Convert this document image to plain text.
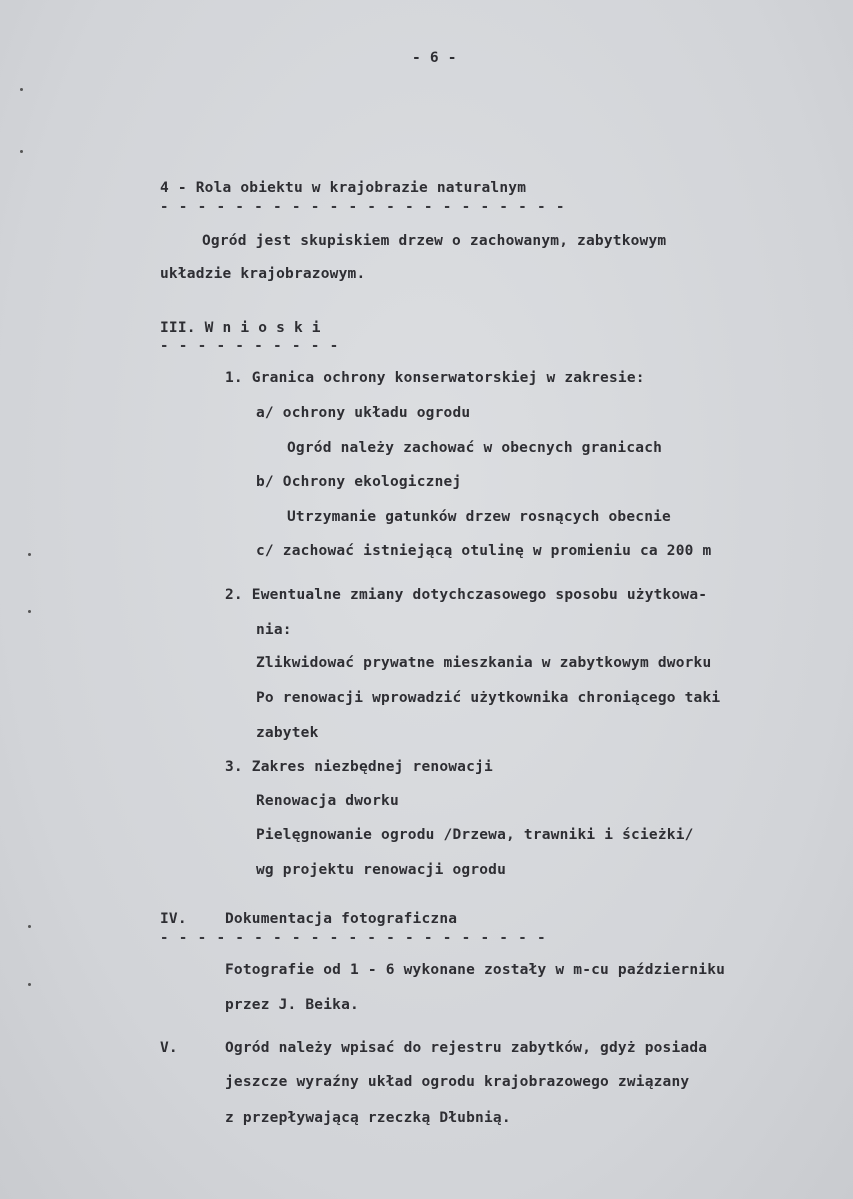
- 6 -
4 - Rola obiektu w krajobrazie naturalnym
- - - - - - - - - - - - - - - - - - - - - -
Ogród jest skupiskiem drzew o zachowanym, zabytkowym
układzie krajobrazowym.
III. W n i o s k i
- - - - - - - - - -
1. Granica ochrony konserwatorskiej w zakresie:
a/ ochrony układu ogrodu
Ogród należy zachować w obecnych granicach
b/ Ochrony ekologicznej
Utrzymanie gatunków drzew rosnących obecnie
c/ zachować istniejącą otulinę w promieniu ca 200 m
2. Ewentualne zmiany dotychczasowego sposobu użytkowa-
nia:
Zlikwidować prywatne mieszkania w zabytkowym dworku
Po renowacji wprowadzić użytkownika chroniącego taki
zabytek
3. Zakres niezbędnej renowacji
Renowacja dworku
Pielęgnowanie ogrodu /Drzewa, trawniki i ścieżki/
wg projektu renowacji ogrodu
IV.	Dokumentacja fotograficzna
- - - - - - - - - - - - - - - - - - - - -
Fotografie od 1 - 6 wykonane zostały w m-cu październiku
przez J. Beika.
V.	Ogród należy wpisać do rejestru zabytków, gdyż posiada
jeszcze wyraźny układ ogrodu krajobrazowego związany
z przepływającą rzeczką Dłubnią.
